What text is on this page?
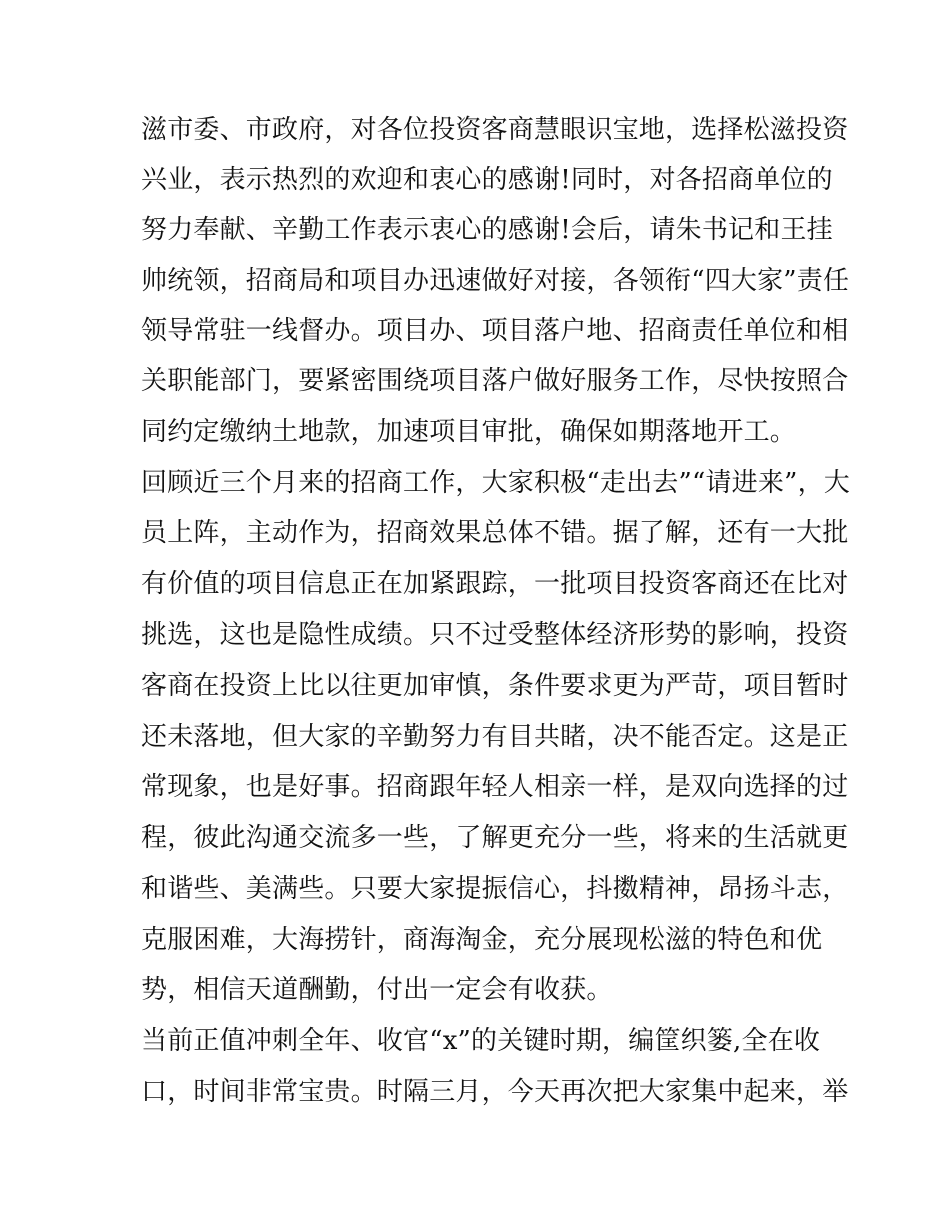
滋市委、市政府，对各位投资客商慧眼识宝地，选择松滋投资
兴业，表示热烈的欢迎和衷心的感谢!同时，对各招商单位的
努力奉献、辛勤工作表示衷心的感谢!会后，请朱书记和王挂
帅统领，招商局和项目办迅速做好对接，各领衔“四大家”责任
领导常驻一线督办。项目办、项目落户地、招商责任单位和相
关职能部门，要紧密围绕项目落户做好服务工作，尽快按照合
同约定缴纳土地款，加速项目审批，确保如期落地开工。
回顾近三个月来的招商工作，大家积极“走出去”“请进来”，大
员上阵，主动作为，招商效果总体不错。据了解，还有一大批
有价值的项目信息正在加紧跟踪，一批项目投资客商还在比对
挑选，这也是隐性成绩。只不过受整体经济形势的影响，投资
客商在投资上比以往更加审慎，条件要求更为严苛，项目暂时
还未落地，但大家的辛勤努力有目共睹，决不能否定。这是正
常现象，也是好事。招商跟年轻人相亲一样，是双向选择的过
程，彼此沟通交流多一些，了解更充分一些，将来的生活就更
和谐些、美满些。只要大家提振信心，抖擞精神，昂扬斗志，
克服困难，大海捞针，商海淘金，充分展现松滋的特色和优
势，相信天道酬勤，付出一定会有收获。
当前正值冲刺全年、收官“x”的关键时期，编筐织篓,全在收
口，时间非常宝贵。时隔三月，今天再次把大家集中起来，举
